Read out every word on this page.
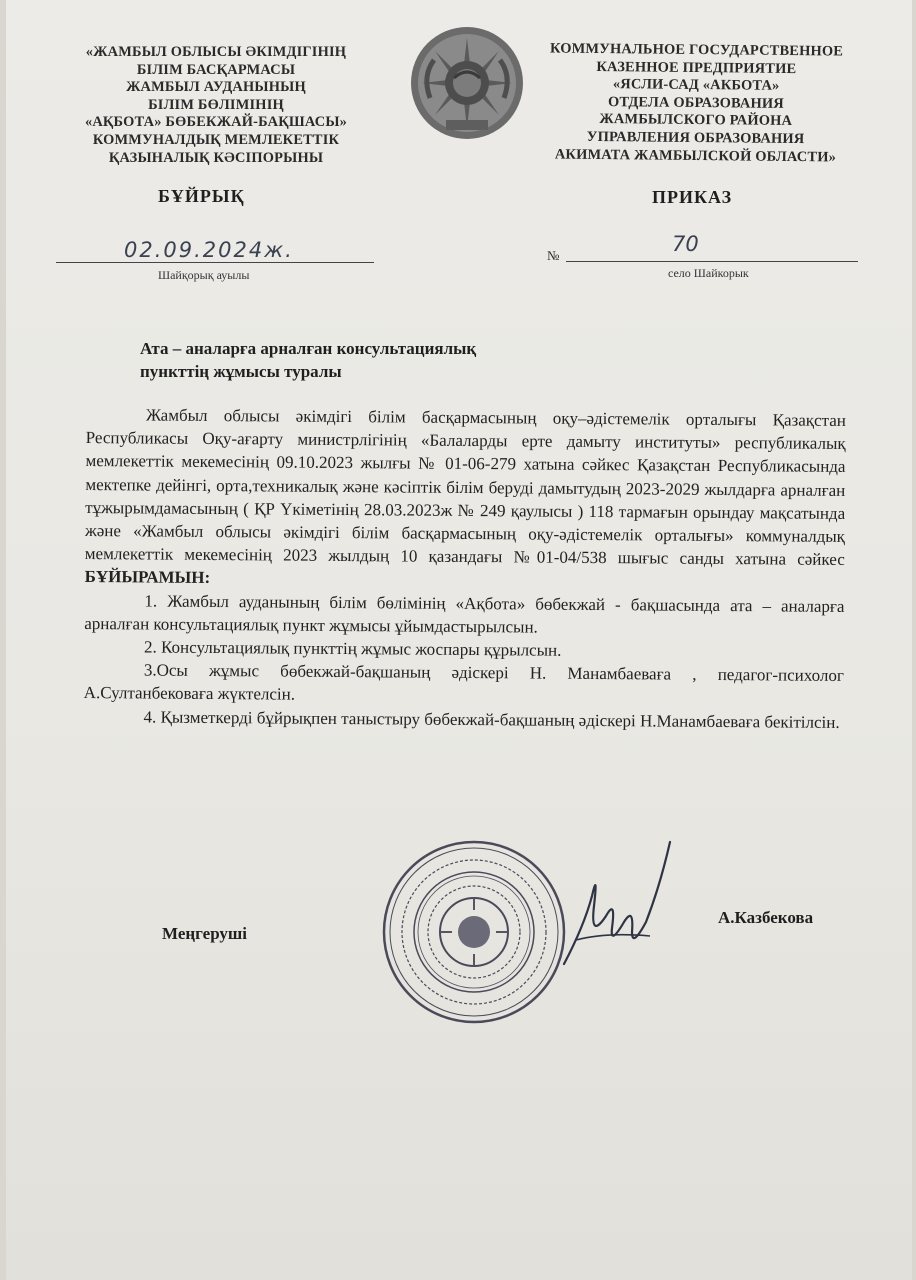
«ЖАМБЫЛ ОБЛЫСЫ ӘКІМДІГІНІҢ
БІЛІМ БАСҚАРМАСЫ
ЖАМБЫЛ АУДАНЫНЫҢ
БІЛІМ БӨЛІМІНІҢ
«АҚБОТА» БӨБЕКЖАЙ-БАҚШАСЫ»
КОММУНАЛДЫҚ МЕМЛЕКЕТТІК
ҚАЗЫНАЛЫҚ КӘСІПОРЫНЫ
КОММУНАЛЬНОЕ ГОСУДАРСТВЕННОЕ
КАЗЕННОЕ ПРЕДПРИЯТИЕ
«ЯСЛИ-САД «АКБОТА»
ОТДЕЛА ОБРАЗОВАНИЯ
ЖАМБЫЛСКОГО РАЙОНА
УПРАВЛЕНИЯ ОБРАЗОВАНИЯ
АКИМАТА ЖАМБЫЛСКОЙ ОБЛАСТИ»
БҰЙРЫҚ	ПРИКАЗ
02.09.2024ж.
Шайқорық ауылы
№	70
село Шайкорык
Ата – аналарға арналған консультациялық
пункттің жұмысы туралы

Жамбыл облысы әкімдігі білім басқармасының оқу–әдістемелік орталығы Қазақстан Республикасы Оқу-ағарту министрлігінің «Балаларды ерте дамыту институты» республикалық мемлекеттік мекемесінің 09.10.2023 жылғы № 01-06-279 хатына сәйкес Қазақстан Республикасында мектепке дейінгі, орта,техникалық және кәсіптік білім беруді дамытудың 2023-2029 жылдарға арналған тұжырымдамасының ( ҚР Үкіметінің 28.03.2023ж № 249 қаулысы ) 118 тармағын орындау мақсатында және «Жамбыл облысы әкімдігі білім басқармасының оқу-әдістемелік орталығы» коммуналдық мемлекеттік мекемесінің 2023 жылдың 10 қазандағы №01-04/538 шығыс санды хатына сәйкес БҰЙЫРАМЫН:

1. Жамбыл ауданының білім бөлімінің «Ақбота» бөбекжай - бақшасында ата – аналарға арналған консультациялық пункт жұмысы ұйымдастырылсын.

2. Консультациялық пункттің жұмыс жоспары құрылсын.

3.Осы жұмыс бөбекжай-бақшаның әдіскері Н. Манамбаеваға , педагог-психолог А.Султанбековаға жүктелсін.

4. Қызметкерді бұйрықпен таныстыру бөбекжай-бақшаның әдіскері Н.Манамбаеваға бекітілсін.

Меңгеруші
А.Казбекова
